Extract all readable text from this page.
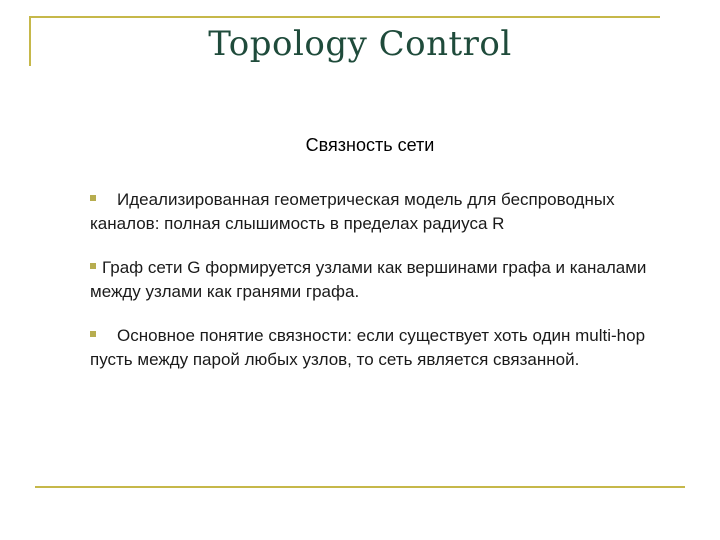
Topology Control
Связность сети
Идеализированная геометрическая модель для беспроводных каналов: полная слышимость в пределах радиуса R
Граф сети G формируется узлами как вершинами графа и каналами между узлами как гранями графа.
Основное понятие связности: если существует хоть один multi-hop пусть между парой любых узлов, то сеть является связанной.
